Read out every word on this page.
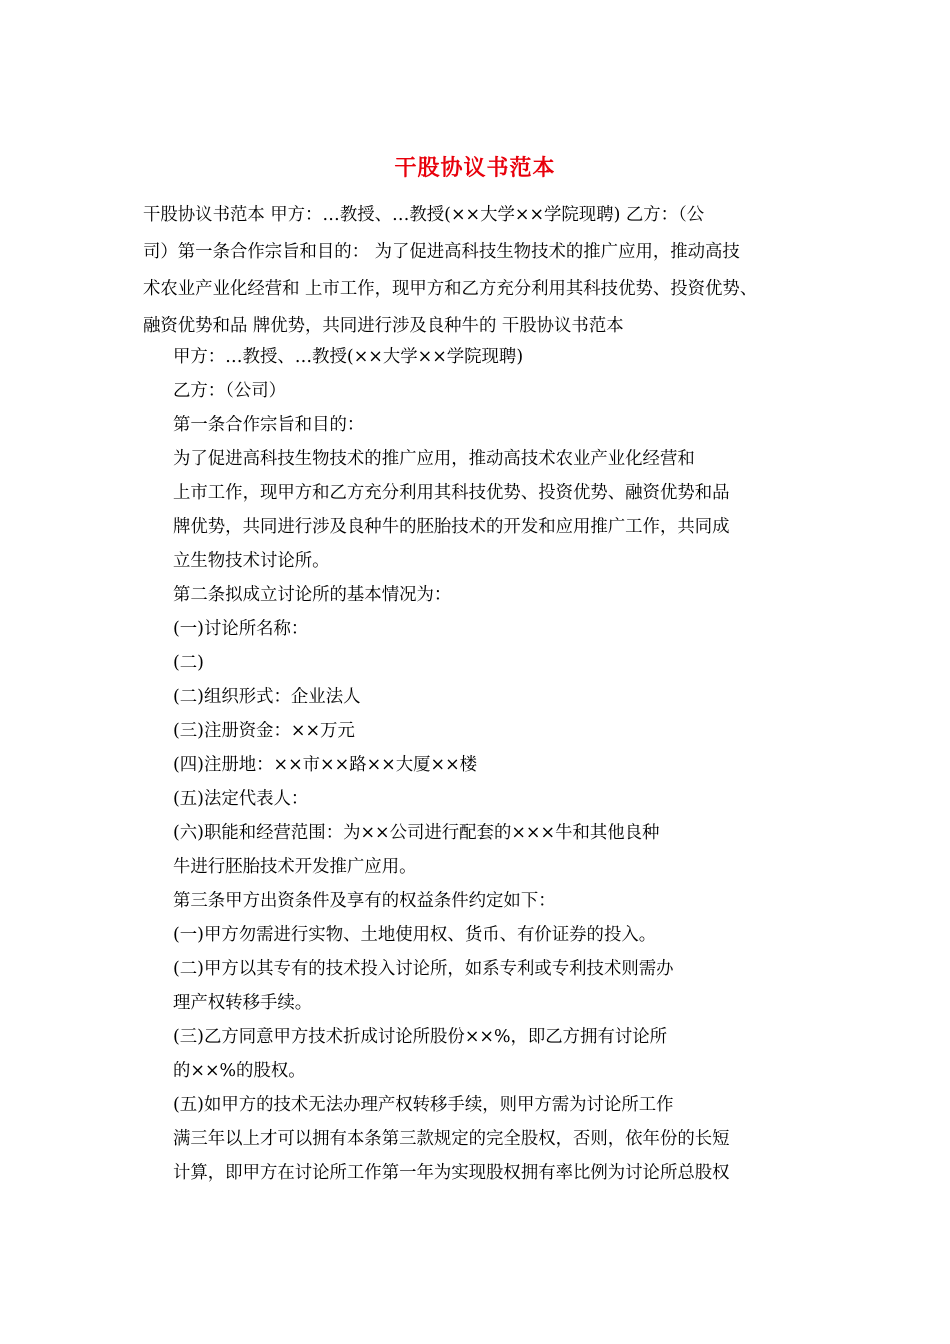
干股协议书范本
干股协议书范本 甲方：…教授、…教授(××大学××学院现聘) 乙方：（公
司）第一条合作宗旨和目的： 为了促进高科技生物技术的推广应用，推动高技
术农业产业化经营和 上市工作，现甲方和乙方充分利用其科技优势、投资优势、
融资优势和品 牌优势，共同进行涉及良种牛的 干股协议书范本
甲方：…教授、…教授(××大学××学院现聘)
乙方：（公司）
第一条合作宗旨和目的：
为了促进高科技生物技术的推广应用，推动高技术农业产业化经营和
上市工作，现甲方和乙方充分利用其科技优势、投资优势、融资优势和品
牌优势，共同进行涉及良种牛的胚胎技术的开发和应用推广工作，共同成
立生物技术讨论所。
第二条拟成立讨论所的基本情况为：
(一)讨论所名称：
(二)
(二)组织形式：企业法人
(三)注册资金：××万元
(四)注册地：××市××路××大厦××楼
(五)法定代表人：
(六)职能和经营范围：为××公司进行配套的×××牛和其他良种
牛进行胚胎技术开发推广应用。
第三条甲方出资条件及享有的权益条件约定如下：
(一)甲方勿需进行实物、土地使用权、货币、有价证券的投入。
(二)甲方以其专有的技术投入讨论所，如系专利或专利技术则需办
理产权转移手续。
(三)乙方同意甲方技术折成讨论所股份××%，即乙方拥有讨论所
的××%的股权。
(五)如甲方的技术无法办理产权转移手续，则甲方需为讨论所工作
满三年以上才可以拥有本条第三款规定的完全股权，否则，依年份的长短
计算，即甲方在讨论所工作第一年为实现股权拥有率比例为讨论所总股权
